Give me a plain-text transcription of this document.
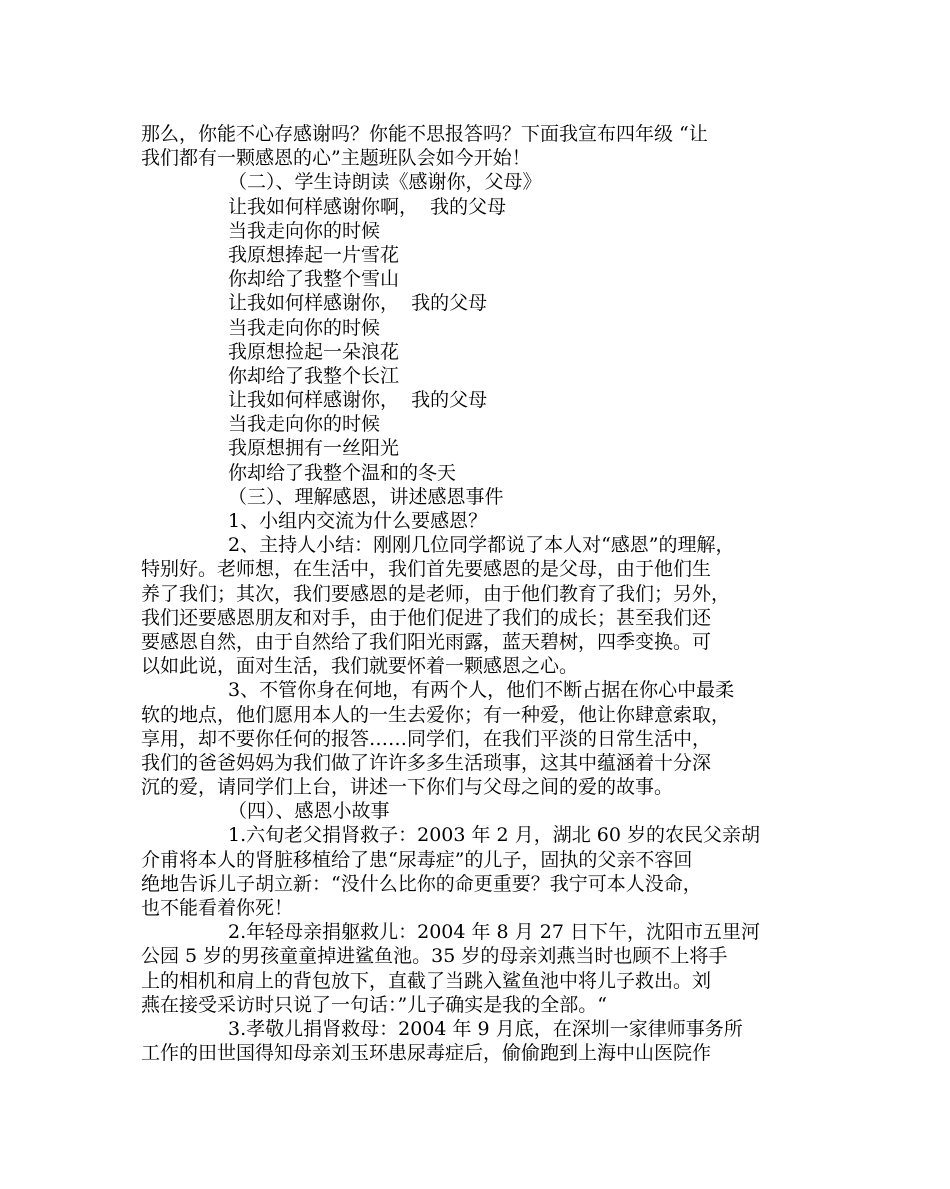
那么，你能不心存感谢吗？你能不思报答吗？下面我宣布四年级 “让
我们都有一颗感恩的心”主题班队会如今开始！
（二）、学生诗朗读《感谢你，父母》
让我如何样感谢你啊，  我的父母
当我走向你的时候
我原想捧起一片雪花
你却给了我整个雪山
让我如何样感谢你，  我的父母
当我走向你的时候
我原想捡起一朵浪花
你却给了我整个长江
让我如何样感谢你，  我的父母
当我走向你的时候
我原想拥有一丝阳光
你却给了我整个温和的冬天
（三）、理解感恩，讲述感恩事件
1、小组内交流为什么要感恩？
2、主持人小结：刚刚几位同学都说了本人对“感恩”的理解，
特别好。老师想，在生活中，我们首先要感恩的是父母，由于他们生
养了我们；其次，我们要感恩的是老师，由于他们教育了我们；另外，
我们还要感恩朋友和对手，由于他们促进了我们的成长；甚至我们还
要感恩自然，由于自然给了我们阳光雨露，蓝天碧树，四季变换。可
以如此说，面对生活，我们就要怀着一颗感恩之心。
3、不管你身在何地，有两个人，他们不断占据在你心中最柔
软的地点，他们愿用本人的一生去爱你；有一种爱，他让你肆意索取，
享用，却不要你任何的报答……同学们，在我们平淡的日常生活中，
我们的爸爸妈妈为我们做了许许多多生活琐事，这其中蕴涵着十分深
沉的爱，请同学们上台，讲述一下你们与父母之间的爱的故事。
（四）、感恩小故事
1.六旬老父捐肾救子：2003 年 2 月，湖北 60 岁的农民父亲胡
介甫将本人的肾脏移植给了患“尿毒症”的儿子，固执的父亲不容回
绝地告诉儿子胡立新：“没什么比你的命更重要？我宁可本人没命，
也不能看着你死！
2.年轻母亲捐躯救儿：2004 年 8 月 27 日下午，沈阳市五里河
公园 5 岁的男孩童童掉进鲨鱼池。35 岁的母亲刘燕当时也顾不上将手
上的相机和肩上的背包放下，直截了当跳入鲨鱼池中将儿子救出。刘
燕在接受采访时只说了一句话：”儿子确实是我的全部。“
3.孝敬儿捐肾救母：2004 年 9 月底，在深圳一家律师事务所
工作的田世国得知母亲刘玉环患尿毒症后，偷偷跑到上海中山医院作
